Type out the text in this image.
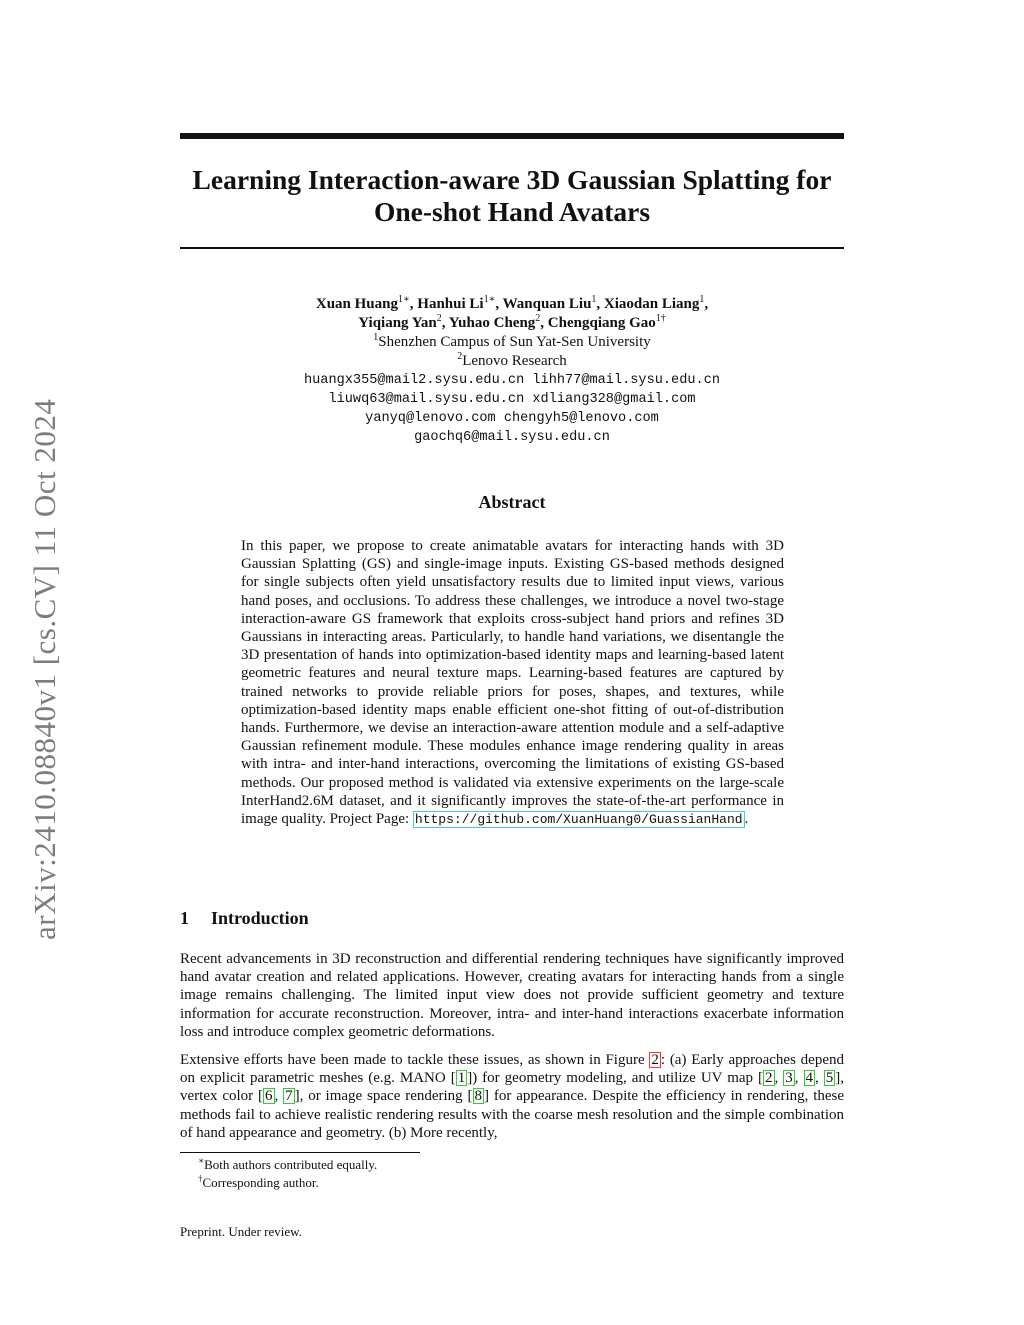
arXiv:2410.08840v1 [cs.CV] 11 Oct 2024
Learning Interaction-aware 3D Gaussian Splatting for
One-shot Hand Avatars
Xuan Huang$^{1∗}$, Hanhui $Li^{1∗}$, Wanquan Liu$^1$, Xiaodan Liang$^1$,
Yiqiang Yan$^2$, Yuhao Cheng$^2$, Chengqiang Gao$^{1\dagger}$
$^1$Shenzhen Campus of Sun Yat-Sen University
$^2$Lenovo Research
huangx355@mail2.sysu.edu.cn lihh77@mail.sysu.edu.cn
liuwq63@mail.sysu.edu.cn xdliang328@gmail.com
yanyq@lenovo.com chengyh5@lenovo.com
gaochq6@mail.sysu.edu.cn
Abstract

In this paper, we propose to create animatable avatars for interacting hands with 3D Gaussian Splatting (GS) and single-image inputs. Existing GS-based methods designed for single subjects often yield unsatisfactory results due to limited input views, various hand poses, and occlusions. To address these challenges, we introduce a novel two-stage interaction-aware GS framework that exploits cross-subject hand priors and refines 3D Gaussians in interacting areas. Particularly, to handle hand variations, we disentangle the 3D presentation of hands into optimization-based identity maps and learning-based latent geometric features and neural texture maps. Learning-based features are captured by trained networks to provide reliable priors for poses, shapes, and textures, while optimization-based identity maps enable efficient one-shot fitting of out-of-distribution hands. Furthermore, we devise an interaction-aware attention module and a self-adaptive Gaussian refinement module. These modules enhance image rendering quality in areas with intra- and inter-hand interactions, overcoming the limitations of existing GS-based methods. Our proposed method is validated via extensive experiments on the large-scale InterHand2.6M dataset, and it significantly improves the state-of-the-art performance in image quality. Project Page: https://github.com/XuanHuang0/GuassianHand .

1 Introduction

Recent advancements in 3D reconstruction and differential rendering techniques have significantly improved hand avatar creation and related applications. However, creating avatars for interacting hands from a single image remains challenging. The limited input view does not provide sufficient geometry and texture information for accurate reconstruction. Moreover, intra- and inter-hand interactions exacerbate information loss and introduce complex geometric deformations.

Extensive efforts have been made to tackle these issues, as shown in Figure 2 : (a) Early approaches depend on explicit parametric meshes (e.g. MANO [ 1 ]) for geometry modeling, and utilize UV map [ 2 , 3 , 4 , 5 ], vertex color [ 6 , 7 ], or image space rendering [ 8 ] for appearance. Despite the efficiency in rendering, these methods fail to achieve realistic rendering results with the coarse mesh resolution and the simple combination of hand appearance and geometry. (b) More recently,

∗Both authors contributed equally.
†Corresponding author.
Preprint. Under review.
